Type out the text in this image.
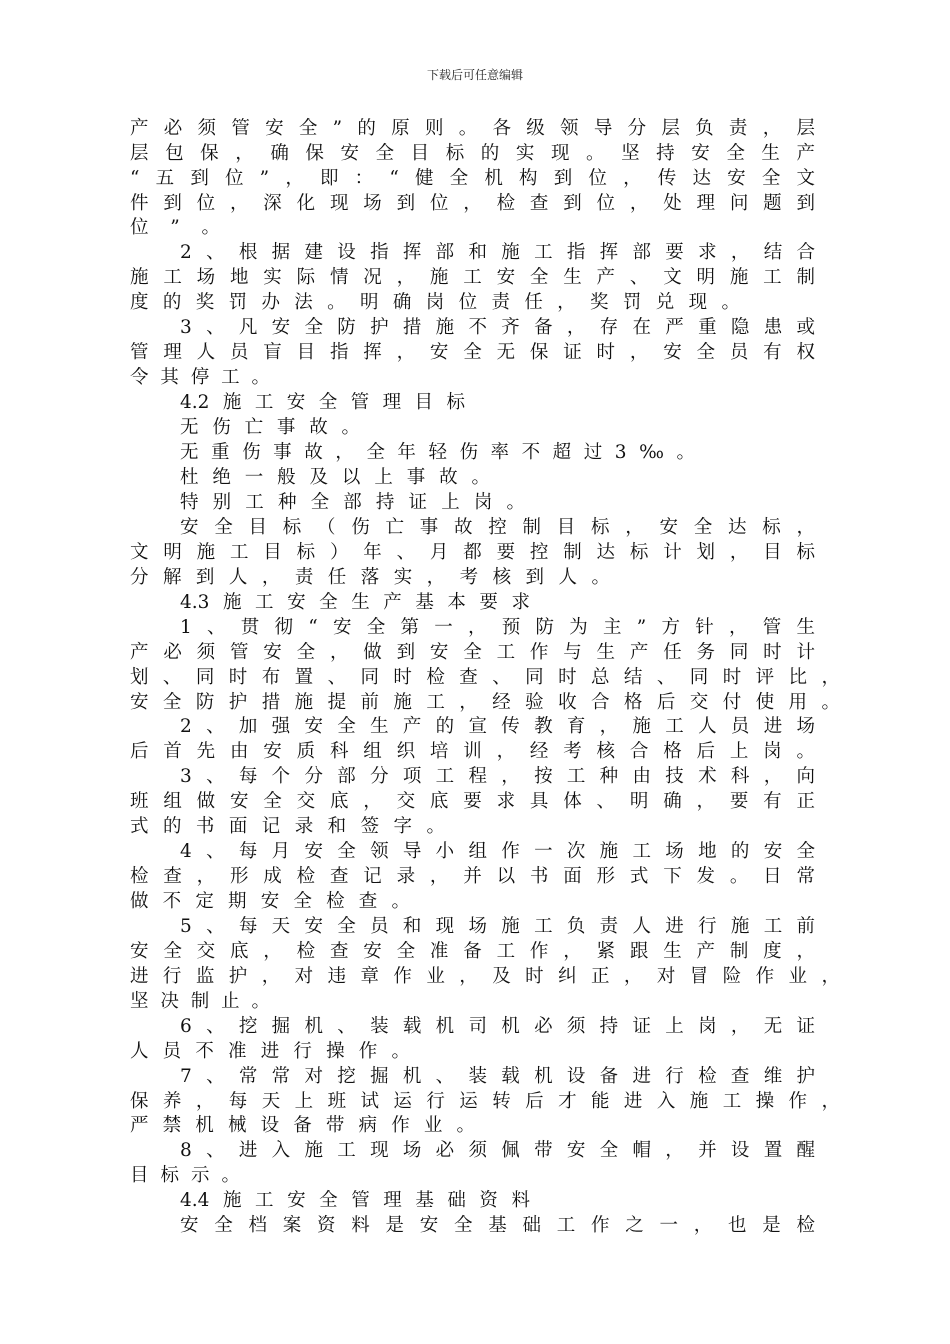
下载后可任意编辑
产必须管安全”的原则。各级领导分层负责，层
层包保，确保安全目标的实现。坚持安全生产
“五到位”，即：“健全机构到位，传达安全文
件到位，深化现场到位，检查到位，处理问题到
位”。
2、根据建设指挥部和施工指挥部要求，结合
施工场地实际情况，施工安全生产、文明施工制
度的奖罚办法。明确岗位责任，奖罚兑现。
3、凡安全防护措施不齐备，存在严重隐患或
管理人员盲目指挥，安全无保证时，安全员有权
令其停工。
4.2施工安全管理目标
无伤亡事故。
无重伤事故，全年轻伤率不超过3‰。
杜绝一般及以上事故。
特别工种全部持证上岗。
安全目标（伤亡事故控制目标，安全达标，
文明施工目标）年、月都要控制达标计划，目标
分解到人，责任落实，考核到人。
4.3施工安全生产基本要求
1、贯彻“安全第一，预防为主”方针，管生
产必须管安全，做到安全工作与生产任务同时计
划、同时布置、同时检查、同时总结、同时评比，
安全防护措施提前施工，经验收合格后交付使用。
2、加强安全生产的宣传教育，施工人员进场
后首先由安质科组织培训，经考核合格后上岗。
3、每个分部分项工程，按工种由技术科，向
班组做安全交底，交底要求具体、明确，要有正
式的书面记录和签字。
4、每月安全领导小组作一次施工场地的安全
检查，形成检查记录，并以书面形式下发。日常
做不定期安全检查。
5、每天安全员和现场施工负责人进行施工前
安全交底，检查安全准备工作，紧跟生产制度，
进行监护，对违章作业，及时纠正，对冒险作业，
坚决制止。
6、挖掘机、装载机司机必须持证上岗，无证
人员不准进行操作。
7、常常对挖掘机、装载机设备进行检查维护
保养，每天上班试运行运转后才能进入施工操作，
严禁机械设备带病作业。
8、进入施工现场必须佩带安全帽，并设置醒
目标示。
4.4施工安全管理基础资料
安全档案资料是安全基础工作之一，也是检
